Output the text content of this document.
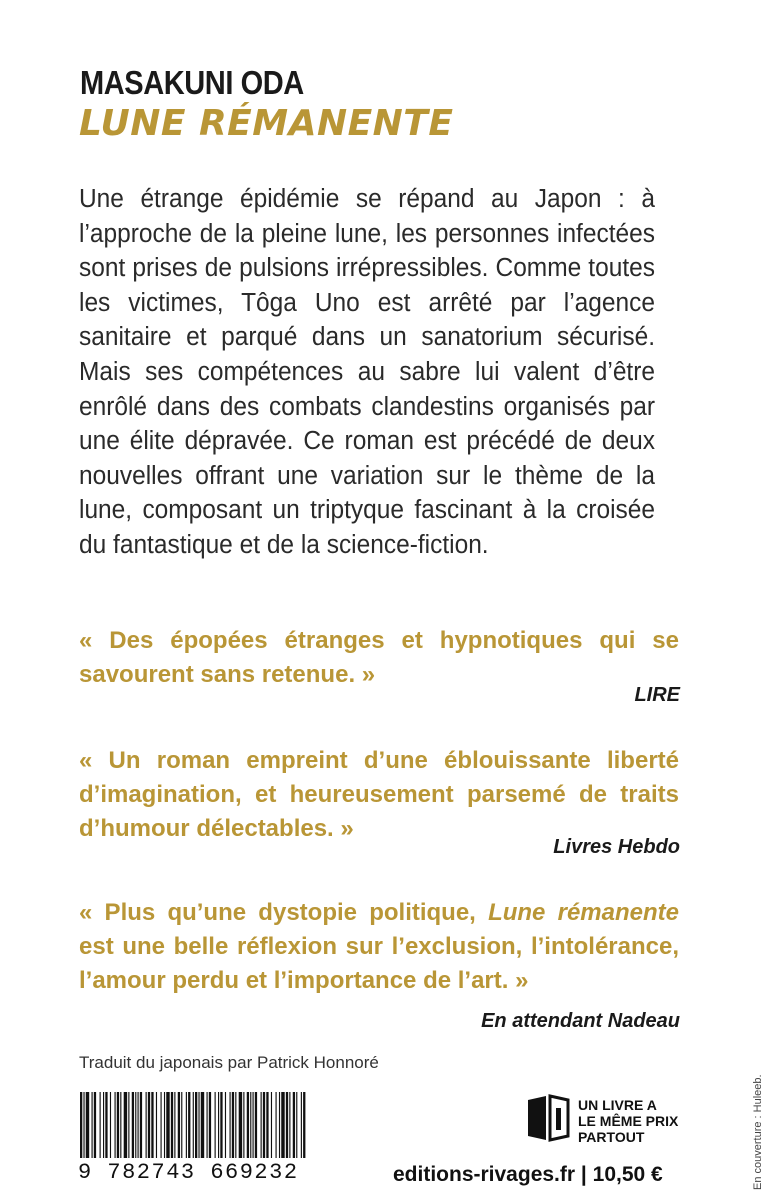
MASAKUNI ODA
LUNE RÉMANENTE
Une étrange épidémie se répand au Japon : à l’approche de la pleine lune, les personnes infectées sont prises de pulsions irrépressibles. Comme toutes les victimes, Tôga Uno est arrêté par l’agence sanitaire et parqué dans un sanatorium sécurisé. Mais ses compétences au sabre lui valent d’être enrôlé dans des combats clandestins organisés par une élite dépravée. Ce roman est précédé de deux nouvelles offrant une variation sur le thème de la lune, composant un triptyque fascinant à la croisée du fantastique et de la science-fiction.
« Des épopées étranges et hypnotiques qui se savourent sans retenue. »
LIRE
« Un roman empreint d’une éblouissante liberté d’imagination, et heureusement parsemé de traits d’humour délectables. »
Livres Hebdo
« Plus qu’une dystopie politique, Lune rémanente est une belle réflexion sur l’exclusion, l’intolérance, l’amour perdu et l’importance de l’art. »
En attendant Nadeau
Traduit du japonais par Patrick Honnoré
9 782743 669232
UN LIVRE A
LE MÊME PRIX
PARTOUT
editions-rivages.fr | 10,50 €	En couverture : Huleeb.
